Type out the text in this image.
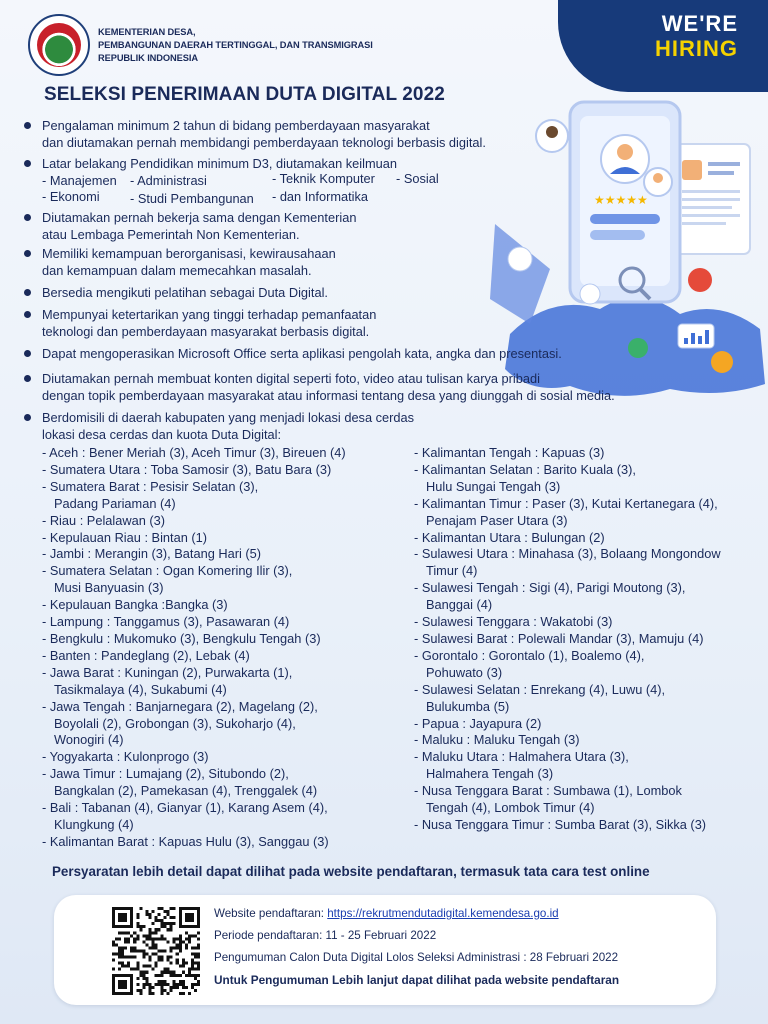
KEMENTERIAN DESA,
PEMBANGUNAN DAERAH TERTINGGAL, DAN TRANSMIGRASI
REPUBLIK INDONESIA
WE'RE
HIRING
SELEKSI PENERIMAAN DUTA DIGITAL 2022
★★★★★
Pengalaman minimum 2 tahun di bidang pemberdayaan masyarakat
dan diutamakan pernah membidangi pemberdayaan teknologi berbasis digital.
Latar belakang Pendidikan minimum D3, diutamakan keilmuan
- Manajemen - Administrasi	- Teknik Komputer - Sosial
- Ekonomi - Studi Pembangunan - dan Informatika
Diutamakan pernah bekerja sama dengan Kementerian
atau Lembaga Pemerintah Non Kementerian.
Memiliki kemampuan berorganisasi, kewirausahaan
dan kemampuan dalam memecahkan masalah.
Bersedia mengikuti pelatihan sebagai Duta Digital.
Mempunyai ketertarikan yang tinggi terhadap pemanfaatan
teknologi dan pemberdayaan masyarakat berbasis digital.
Dapat mengoperasikan Microsoft Office serta aplikasi pengolah kata, angka dan presentasi.
Diutamakan pernah membuat konten digital seperti foto, video atau tulisan karya pribadi
dengan topik pemberdayaan masyarakat atau informasi tentang desa yang diunggah di sosial media.
Berdomisili di daerah kabupaten yang menjadi lokasi desa cerdas
lokasi desa cerdas dan kuota Duta Digital:
- Aceh : Bener Meriah (3), Aceh Timur (3), Bireuen (4)
- Sumatera Utara : Toba Samosir (3), Batu Bara (3)
- Sumatera Barat : Pesisir Selatan (3),
Padang Pariaman (4)
- Riau : Pelalawan (3)
- Kepulauan Riau : Bintan (1)
- Jambi : Merangin (3), Batang Hari (5)
- Sumatera Selatan : Ogan Komering Ilir (3),
Musi Banyuasin (3)
- Kepulauan Bangka :Bangka (3)
- Lampung : Tanggamus (3), Pasawaran (4)
- Bengkulu : Mukomuko (3), Bengkulu Tengah (3)
- Banten : Pandeglang (2), Lebak (4)
- Jawa Barat : Kuningan (2), Purwakarta (1),
Tasikmalaya (4), Sukabumi (4)
- Jawa Tengah : Banjarnegara (2), Magelang (2),
Boyolali (2), Grobongan (3), Sukoharjo (4),
Wonogiri (4)
- Yogyakarta : Kulonprogo (3)
- Jawa Timur : Lumajang (2), Situbondo (2),
Bangkalan (2), Pamekasan (4), Trenggalek (4)
- Bali : Tabanan (4), Gianyar (1), Karang Asem (4),
Klungkung (4)
- Kalimantan Barat : Kapuas Hulu (3), Sanggau (3)
- Kalimantan Tengah : Kapuas (3)
- Kalimantan Selatan : Barito Kuala (3),
Hulu Sungai Tengah (3)
- Kalimantan Timur : Paser (3), Kutai Kertanegara (4),
Penajam Paser Utara (3)
- Kalimantan Utara : Bulungan (2)
- Sulawesi Utara : Minahasa (3), Bolaang Mongondow
Timur (4)
- Sulawesi Tengah : Sigi (4), Parigi Moutong (3),
Banggai (4)
- Sulawesi Tenggara : Wakatobi (3)
- Sulawesi Barat : Polewali Mandar (3), Mamuju (4)
- Gorontalo : Gorontalo (1), Boalemo (4),
Pohuwato (3)
- Sulawesi Selatan : Enrekang (4), Luwu (4),
Bulukumba (5)
- Papua : Jayapura (2)
- Maluku : Maluku Tengah (3)
- Maluku Utara : Halmahera Utara (3),
Halmahera Tengah (3)
- Nusa Tenggara Barat : Sumbawa (1), Lombok
Tengah (4), Lombok Timur (4)
- Nusa Tenggara Timur : Sumba Barat (3), Sikka (3)
Persyaratan lebih detail dapat dilihat pada website pendaftaran, termasuk tata cara test online
Website pendaftaran: https://rekrutmendutadigital.kemendesa.go.id
Periode pendaftaran: 11 - 25 Februari 2022
Pengumuman Calon Duta Digital Lolos Seleksi Administrasi : 28 Februari 2022
Untuk Pengumuman Lebih lanjut dapat dilihat pada website pendaftaran
